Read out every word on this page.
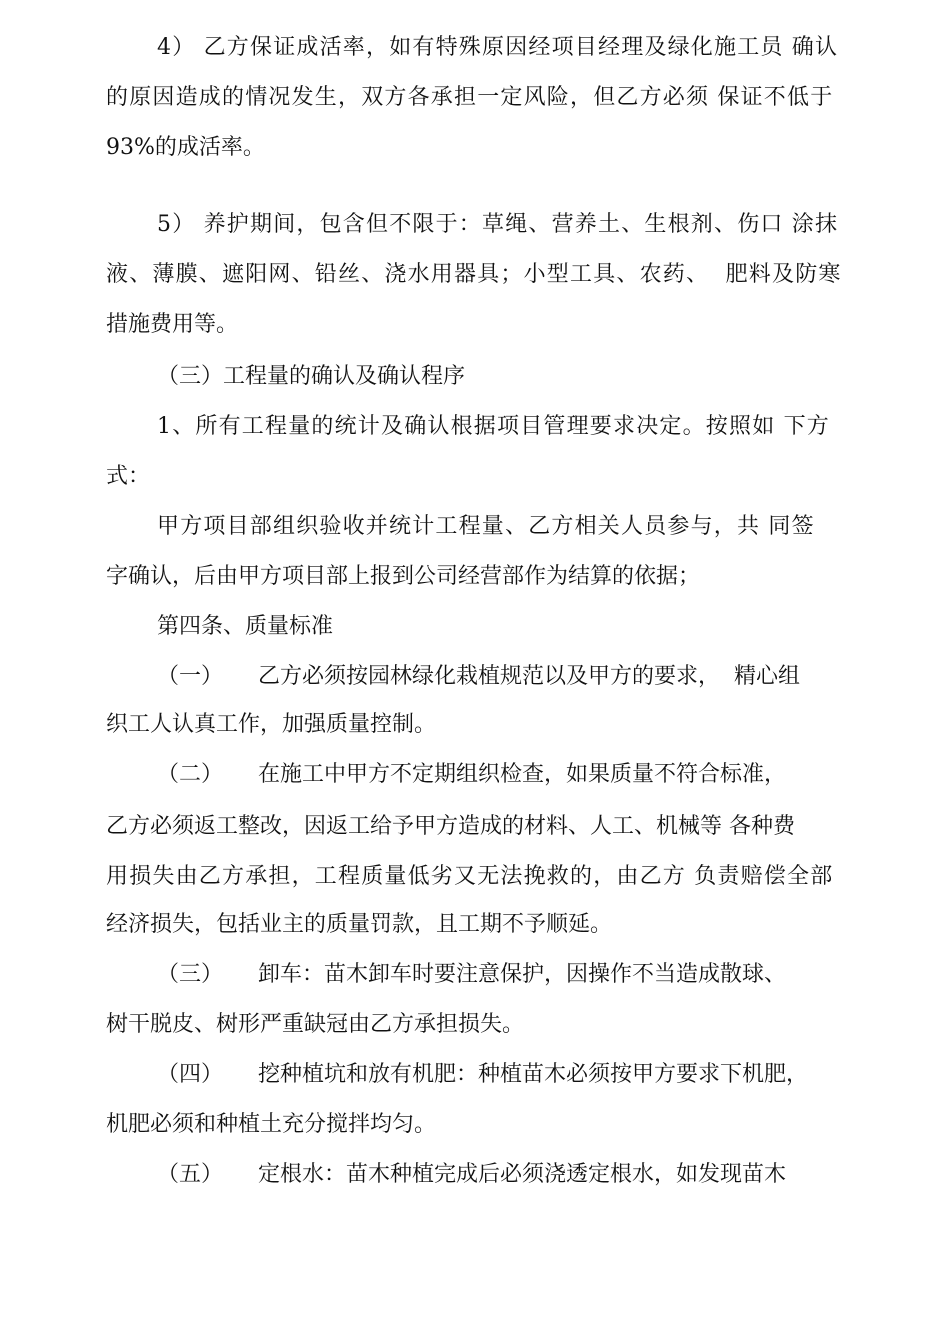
4） 乙方保证成活率，如有特殊原因经项目经理及绿化施工员 确认
的原因造成的情况发生，双方各承担一定风险，但乙方必须 保证不低于
93%的成活率。
5） 养护期间，包含但不限于：草绳、营养土、生根剂、伤口 涂抹
液、薄膜、遮阳网、铅丝、浇水用器具；小型工具、农药、  肥料及防寒
措施费用等。
（三）工程量的确认及确认程序
1、所有工程量的统计及确认根据项目管理要求决定。按照如 下方
式：
甲方项目部组织验收并统计工程量、乙方相关人员参与，共 同签
字确认，后由甲方项目部上报到公司经营部作为结算的依据；
第四条、质量标准
（一）     乙方必须按园林绿化栽植规范以及甲方的要求，  精心组
织工人认真工作，加强质量控制。
（二）     在施工中甲方不定期组织检查，如果质量不符合标准，
乙方必须返工整改，因返工给予甲方造成的材料、人工、机械等 各种费
用损失由乙方承担，工程质量低劣又无法挽救的，由乙方 负责赔偿全部
经济损失，包括业主的质量罚款，且工期不予顺延。
（三）     卸车：苗木卸车时要注意保护，因操作不当造成散球、
树干脱皮、树形严重缺冠由乙方承担损失。
（四）     挖种植坑和放有机肥：种植苗木必须按甲方要求下机肥，
机肥必须和种植土充分搅拌均匀。
（五）     定根水：苗木种植完成后必须浇透定根水，如发现苗木
